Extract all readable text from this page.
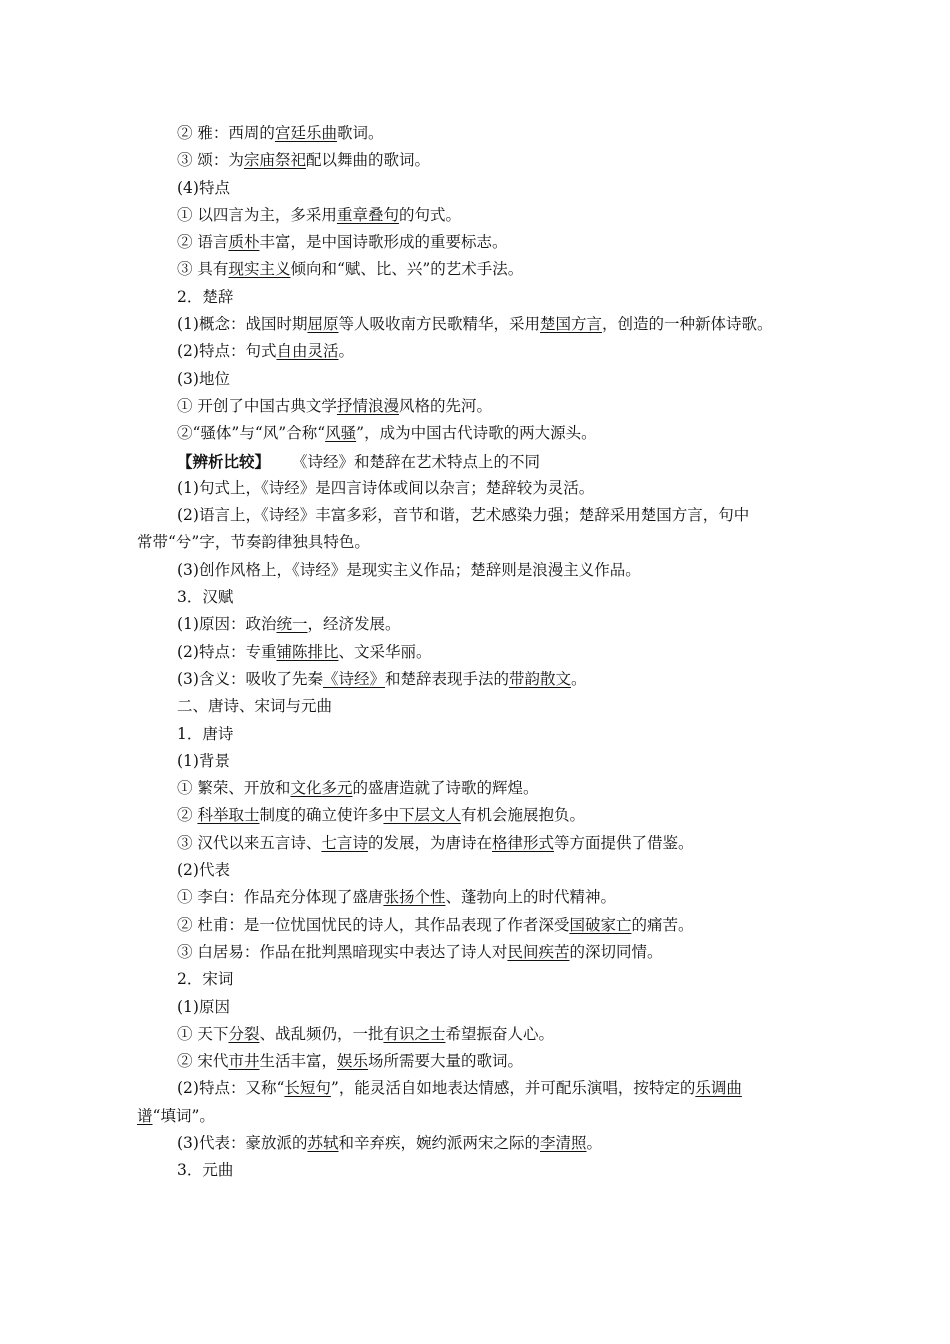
② 雅：西周的宫廷乐曲歌词。
③ 颂：为宗庙祭祀配以舞曲的歌词。
(4)特点
① 以四言为主，多采用重章叠句的句式。
② 语言质朴丰富，是中国诗歌形成的重要标志。
③ 具有现实主义倾向和“赋、比、兴”的艺术手法。
2．楚辞
(1)概念：战国时期屈原等人吸收南方民歌精华，采用楚国方言，创造的一种新体诗歌。
(2)特点：句式自由灵活。
(3)地位
① 开创了中国古典文学抒情浪漫风格的先河。
②“骚体”与“风”合称“风骚”，成为中国古代诗歌的两大源头。
【辨析比较】 《诗经》和楚辞在艺术特点上的不同
(1)句式上，《诗经》是四言诗体或间以杂言；楚辞较为灵活。
(2)语言上，《诗经》丰富多彩，音节和谐，艺术感染力强；楚辞采用楚国方言，句中
常带“兮”字，节奏韵律独具特色。
(3)创作风格上，《诗经》是现实主义作品；楚辞则是浪漫主义作品。
3．汉赋
(1)原因：政治统一，经济发展。
(2)特点：专重铺陈排比、文采华丽。
(3)含义：吸收了先秦《诗经》和楚辞表现手法的带韵散文。
二、唐诗、宋词与元曲
1．唐诗
(1)背景
① 繁荣、开放和文化多元的盛唐造就了诗歌的辉煌。
② 科举取士制度的确立使许多中下层文人有机会施展抱负。
③ 汉代以来五言诗、七言诗的发展，为唐诗在格律形式等方面提供了借鉴。
(2)代表
① 李白：作品充分体现了盛唐张扬个性、蓬勃向上的时代精神。
② 杜甫：是一位忧国忧民的诗人，其作品表现了作者深受国破家亡的痛苦。
③ 白居易：作品在批判黑暗现实中表达了诗人对民间疾苦的深切同情。
2．宋词
(1)原因
① 天下分裂、战乱频仍，一批有识之士希望振奋人心。
② 宋代市井生活丰富，娱乐场所需要大量的歌词。
(2)特点：又称“长短句”，能灵活自如地表达情感，并可配乐演唱，按特定的乐调曲
谱“填词”。
(3)代表：豪放派的苏轼和辛弃疾，婉约派两宋之际的李清照。
3．元曲
